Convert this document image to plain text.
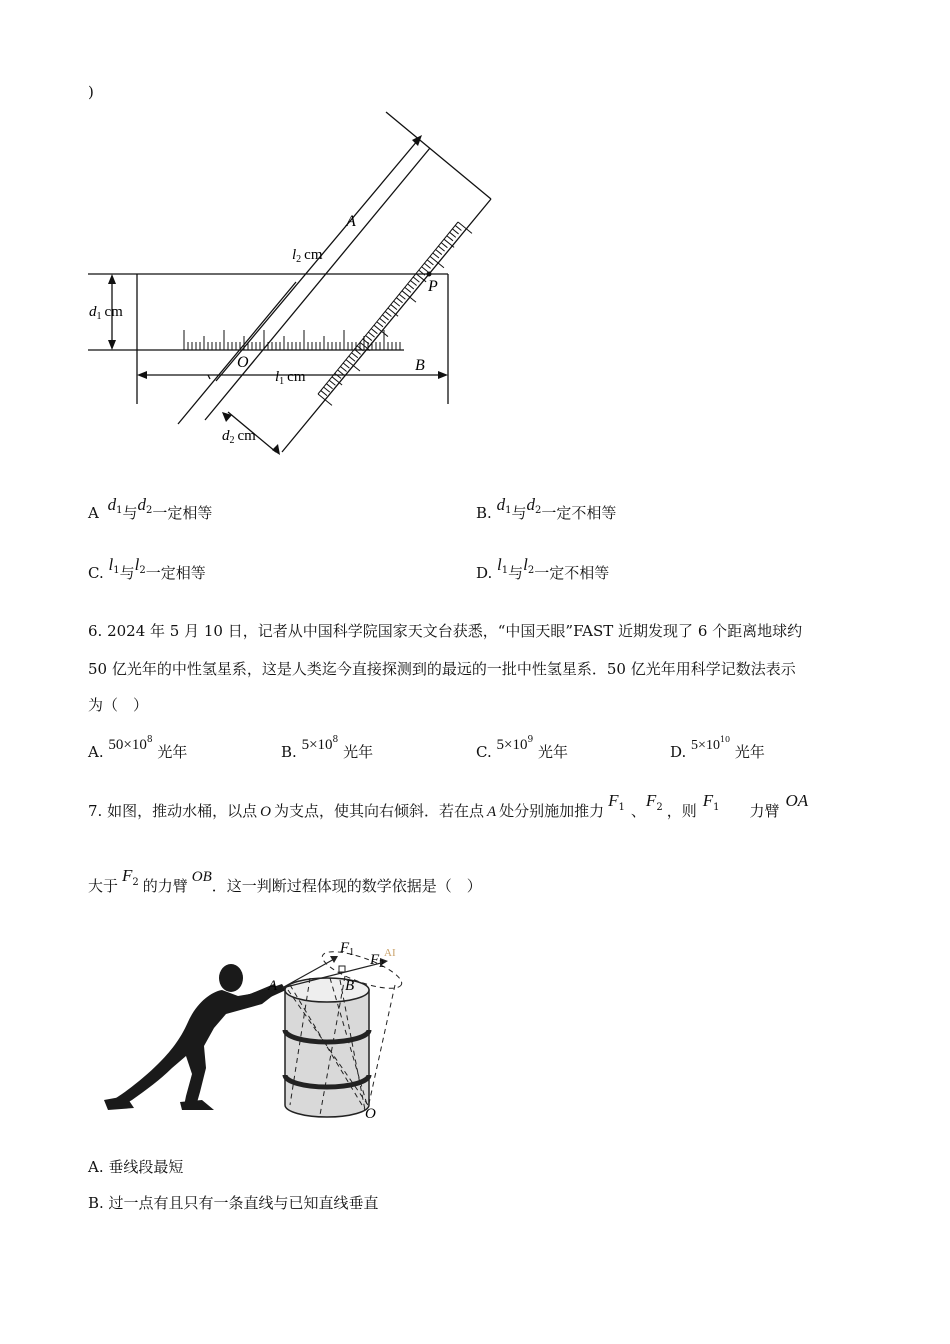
)
A
P
O	B
$l_2$ cm
$l_1$ cm
$d_1$ cm
$d_2$ cm
A $d^1$与$d^2$一定相等	B. $d^1$与$d^2$一定不相等
C. $l^1$与$l^2$一定相等	D. $l^1$与$l^2$一定不相等
6. 2024 年 5 月 10 日，记者从中国科学院国家天文台获悉，“中国天眼”FAST 近期发现了 6 个距离地球约
50 亿光年的中性氢星系，这是人类迄今直接探测到的最远的一批中性氢星系．50 亿光年用科学记数法表示
为（　）
A. $50\times 10^8$ 光年	B. $5\times 10^8$ 光年	C. $5\times 10^9$ 光年	D. $5\times 10^{10}$ 光年
7. 如图，推动水桶，以点 O 为支点，使其向右倾斜．若在点 A 处分别施加推力$F^1$ 、$F^2$ ，则$F^1$ 力臂OA
大于$F^2$ 的力臂 OB．这一判断过程体现的数学依据是（　）
$F_1$ $F_2$
A	B
O
AI
A. 垂线段最短
B. 过一点有且只有一条直线与已知直线垂直
